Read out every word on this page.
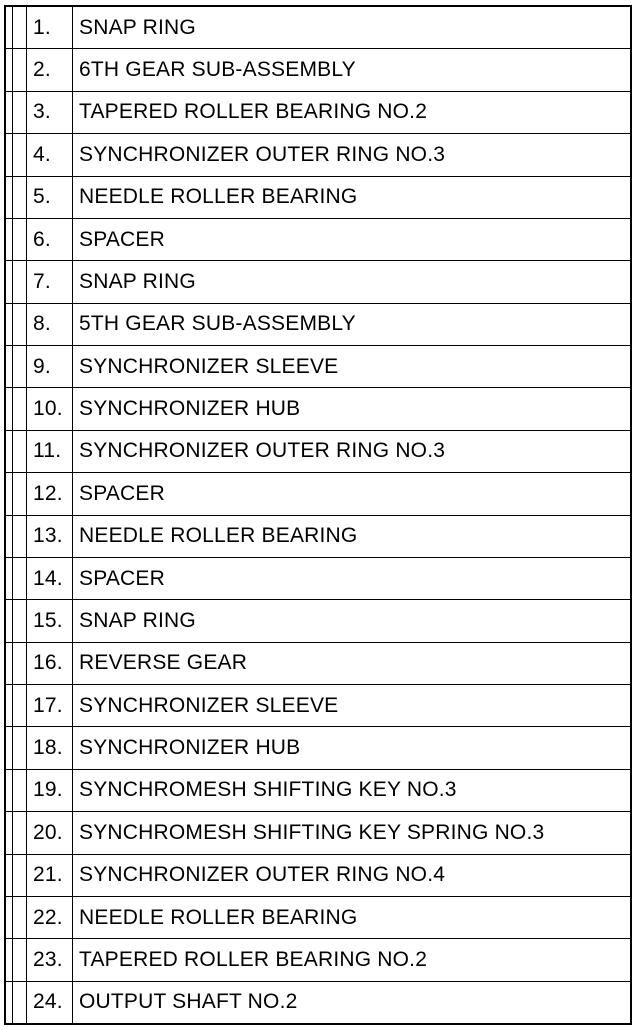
1.	SNAP RING
2.	6TH GEAR SUB-ASSEMBLY
3.	TAPERED ROLLER BEARING NO.2
4.	SYNCHRONIZER OUTER RING NO.3
5.	NEEDLE ROLLER BEARING
6.	SPACER
7.	SNAP RING
8.	5TH GEAR SUB-ASSEMBLY
9.	SYNCHRONIZER SLEEVE
10. SYNCHRONIZER HUB
11. SYNCHRONIZER OUTER RING NO.3
12. SPACER
13. NEEDLE ROLLER BEARING
14. SPACER
15. SNAP RING
16. REVERSE GEAR
17. SYNCHRONIZER SLEEVE
18. SYNCHRONIZER HUB
19. SYNCHROMESH SHIFTING KEY NO.3
20. SYNCHROMESH SHIFTING KEY SPRING NO.3
21. SYNCHRONIZER OUTER RING NO.4
22. NEEDLE ROLLER BEARING
23. TAPERED ROLLER BEARING NO.2
24. OUTPUT SHAFT NO.2
